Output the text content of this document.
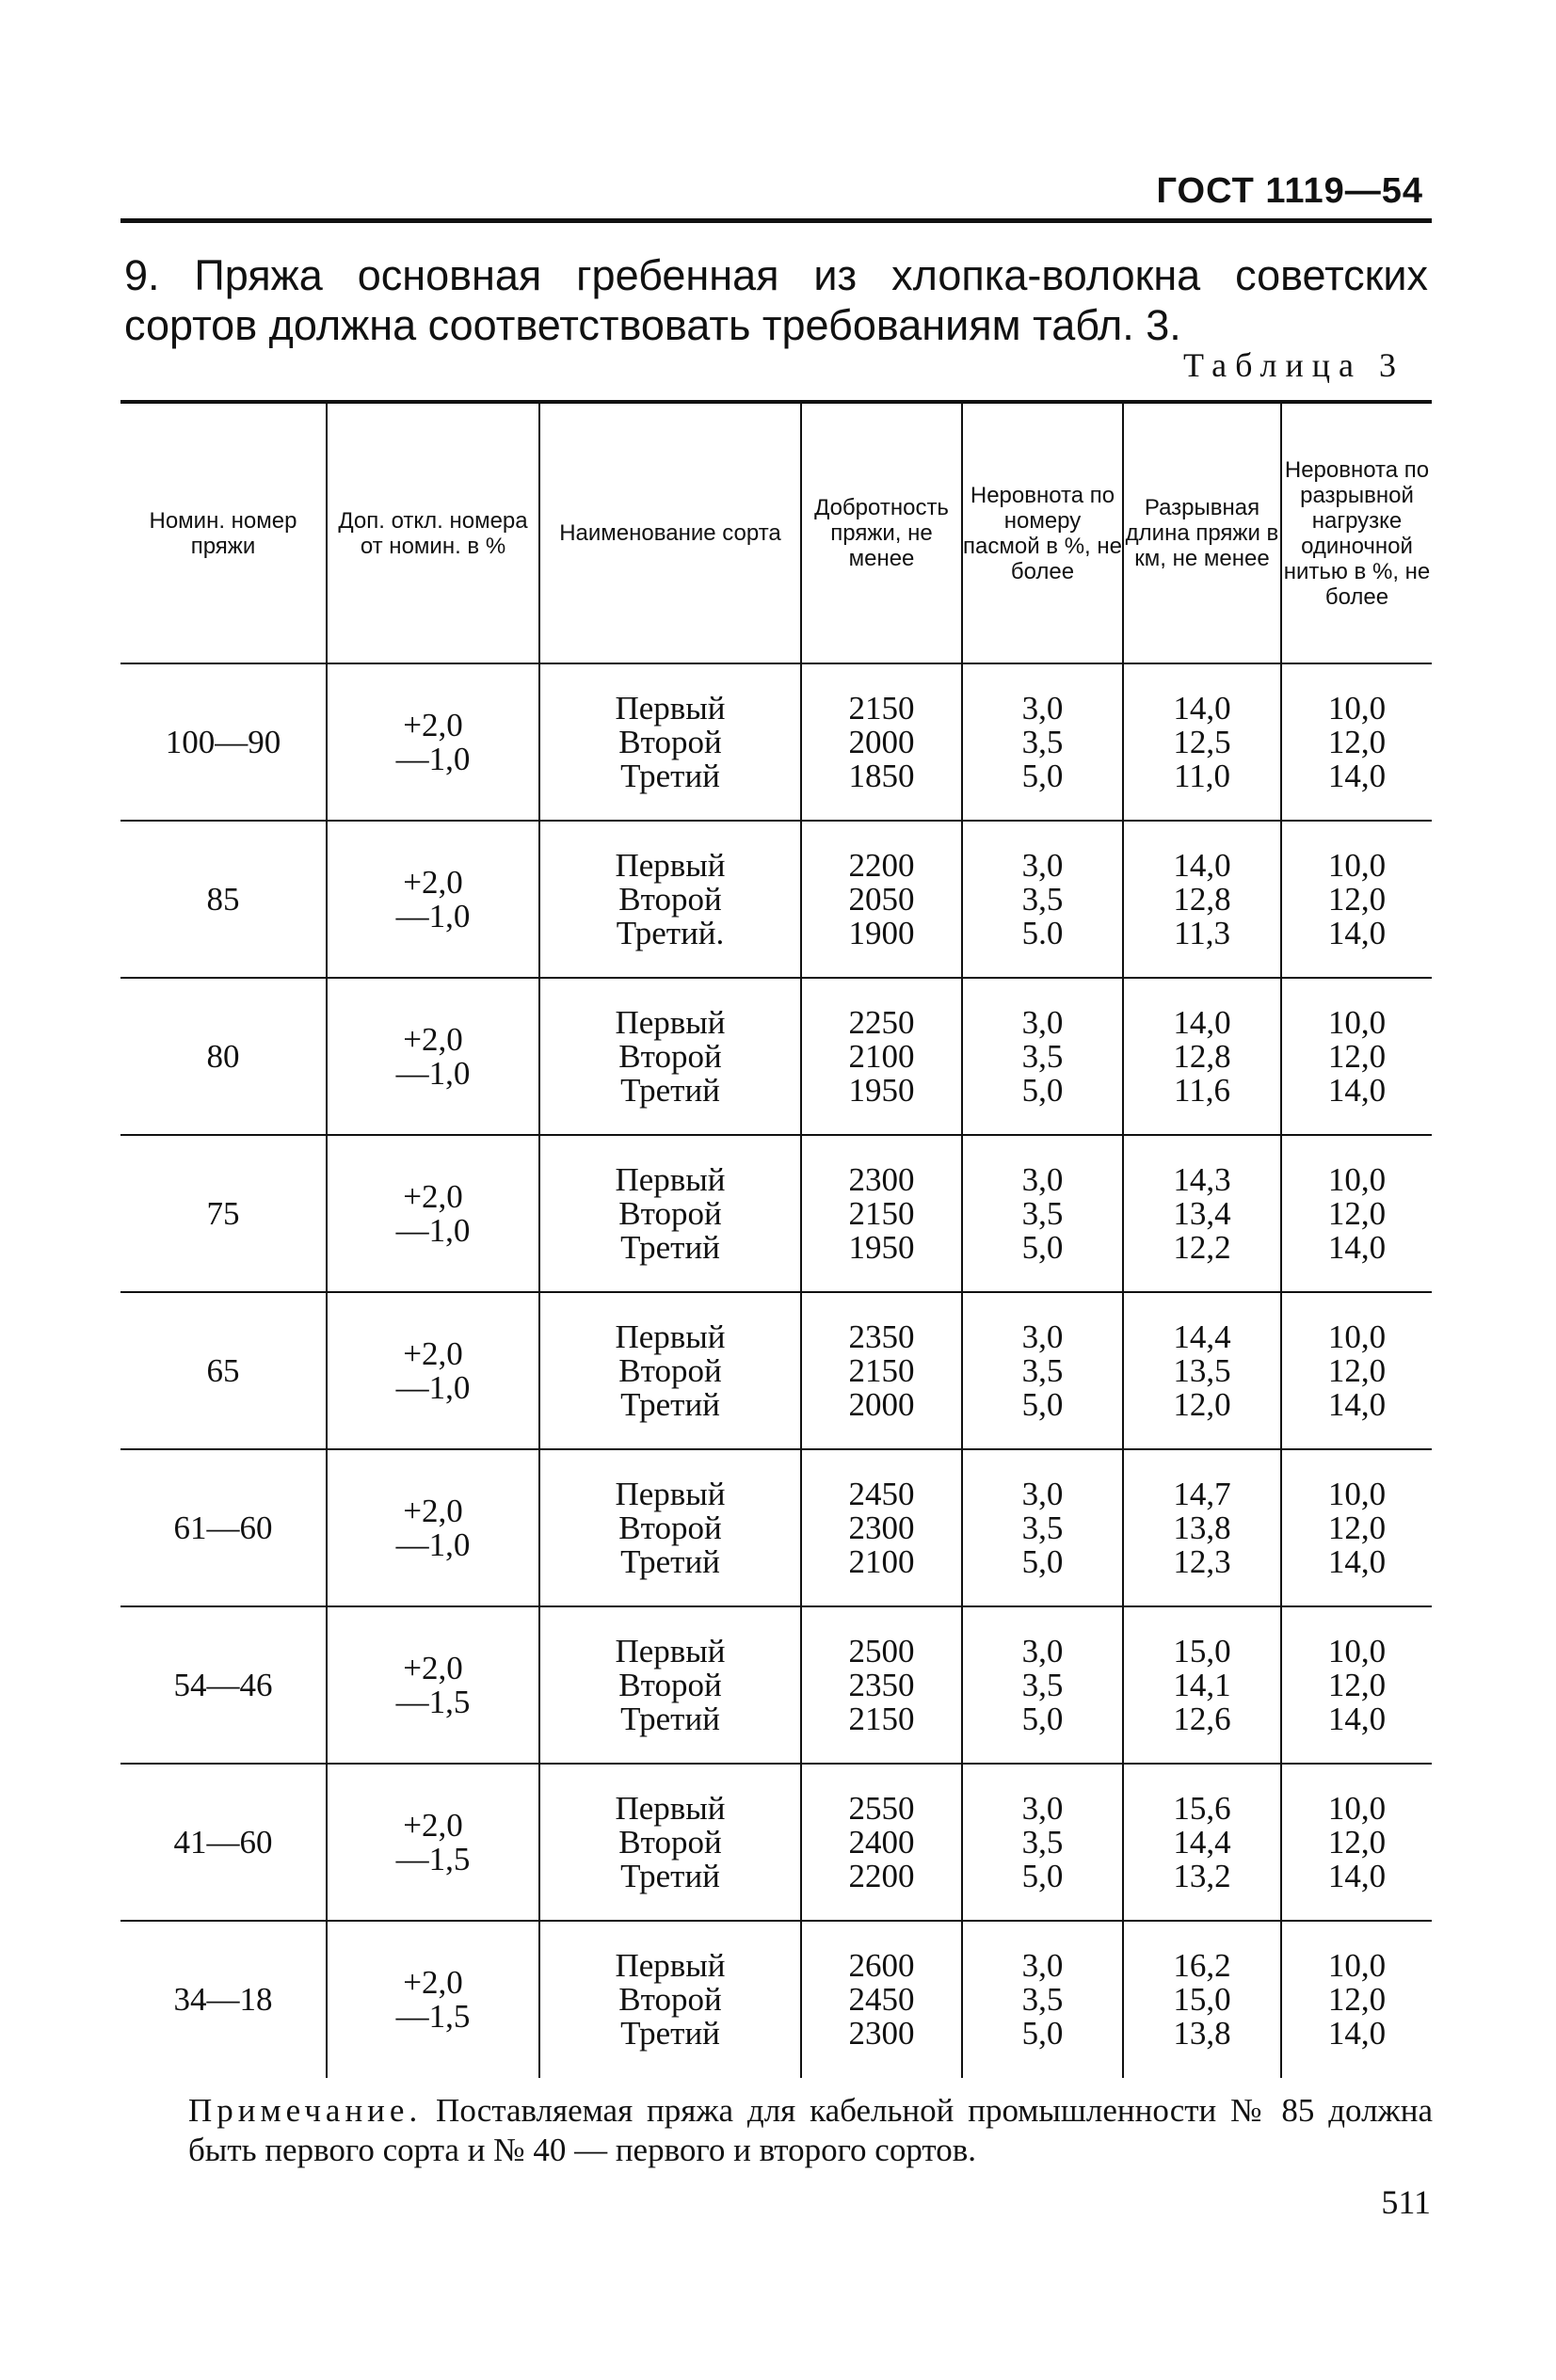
ГОСТ 1119—54
9. Пряжа основная гребенная из хлопка-волокна советских сортов должна соответствовать требованиям табл. 3.
Таблица 3
Номин. номер пряжи	Доп. откл. номера от номин. в %	Наименование сорта	Добротность пряжи, не менее	Неровнота по номеру пасмой в %, не более	Разрывная длина пряжи в км, не менее	Неровнота по разрывной нагрузке одиночной нитью в %, не более
100—90	+2,0
—1,0	Первый
Второй
Третий	2150
2000
1850	3,0
3,5
5,0	14,0
12,5
11,0	10,0
12,0
14,0

85	+2,0
—1,0	Первый
Второй
Третий.	2200
2050
1900	3,0
3,5
5.0	14,0
12,8
11,3	10,0
12,0
14,0

80	+2,0
—1,0	Первый
Второй
Третий	2250
2100
1950	3,0
3,5
5,0	14,0
12,8
11,6	10,0
12,0
14,0

75	+2,0
—1,0	Первый
Второй
Третий	2300
2150
1950	3,0
3,5
5,0	14,3
13,4
12,2	10,0
12,0
14,0

65	+2,0
—1,0	Первый
Второй
Третий	2350
2150
2000	3,0
3,5
5,0	14,4
13,5
12,0	10,0
12,0
14,0

61—60	+2,0
—1,0	Первый
Второй
Третий	2450
2300
2100	3,0
3,5
5,0	14,7
13,8
12,3	10,0
12,0
14,0

54—46	+2,0
—1,5	Первый
Второй
Третий	2500
2350
2150	3,0
3,5
5,0	15,0
14,1
12,6	10,0
12,0
14,0

41—60	+2,0
—1,5	Первый
Второй
Третий	2550
2400
2200	3,0
3,5
5,0	15,6
14,4
13,2	10,0
12,0
14,0

34—18	+2,0
—1,5	Первый
Второй
Третий	2600
2450
2300	3,0
3,5
5,0	16,2
15,0
13,8	10,0
12,0
14,0
Примечание. Поставляемая пряжа для кабельной промышленности № 85 должна быть первого сорта и № 40 — первого и второго сортов.
511
